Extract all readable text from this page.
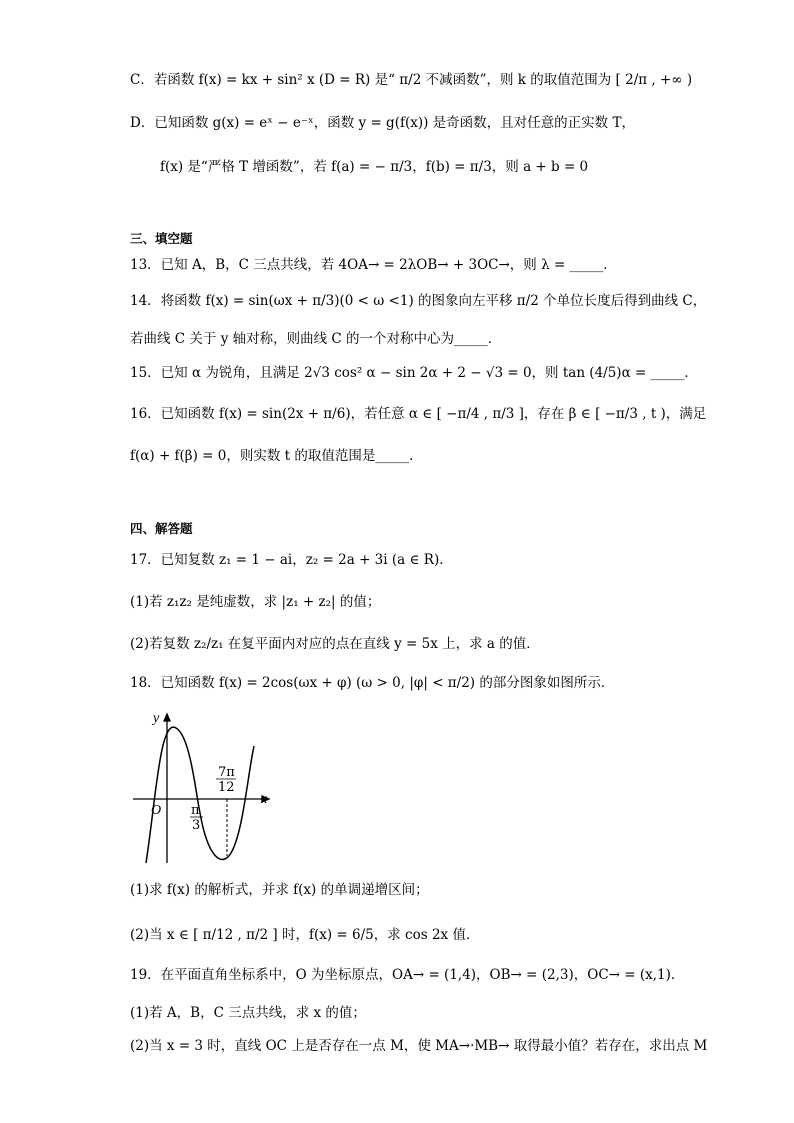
C．若函数 f(x) = kx + sin² x (D = R) 是“ π/2 不减函数”，则 k 的取值范围为 [ 2/π , +∞ )
D．已知函数 g(x) = eˣ − e⁻ˣ，函数 y = g(f(x)) 是奇函数，且对任意的正实数 T，
f(x) 是“严格 T 增函数”，若 f(a) = − π/3，f(b) = π/3，则 a + b = 0
三、填空题
13．已知 A，B，C 三点共线，若 4OA→ = 2λOB→ + 3OC→，则 λ = _____．
14．将函数 f(x) = sin(ωx + π/3)(0 < ω <1) 的图象向左平移 π/2 个单位长度后得到曲线 C，
若曲线 C 关于 y 轴对称，则曲线 C 的一个对称中心为_____．
15．已知 α 为锐角，且满足 2√3 cos² α − sin 2α + 2 − √3 = 0，则 tan (4/5)α = _____．
16．已知函数 f(x) = sin(2x + π/6)，若任意 α ∈ [ −π/4 , π/3 ]，存在 β ∈ [ −π/3 , t )，满足
f(α) + f(β) = 0，则实数 t 的取值范围是_____．
四、解答题
17．已知复数 z₁ = 1 − ai，z₂ = 2a + 3i (a ∈ R)．
(1)若 z₁z₂ 是纯虚数，求 |z₁ + z₂| 的值；
(2)若复数 z₂/z₁ 在复平面内对应的点在直线 y = 5x 上，求 a 的值．
18．已知函数 f(x) = 2cos(ωx + φ) (ω > 0, |φ| < π/2) 的部分图象如图所示．
y
x
O π
3
7π
12
(1)求 f(x) 的解析式，并求 f(x) 的单调递增区间；
(2)当 x ∈ [ π/12 , π/2 ] 时，f(x) = 6/5，求 cos 2x 值．
19．在平面直角坐标系中，O 为坐标原点，OA→ = (1,4)，OB→ = (2,3)，OC→ = (x,1)．
(1)若 A，B，C 三点共线，求 x 的值；
(2)当 x = 3 时，直线 OC 上是否存在一点 M，使 MA→·MB→ 取得最小值？若存在，求出点 M
